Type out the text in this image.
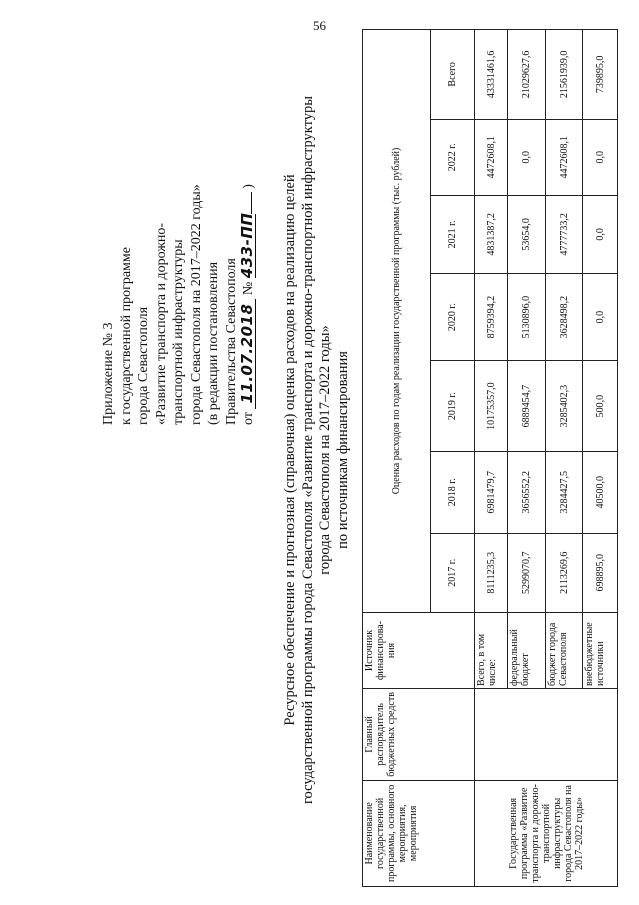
56
Приложение № 3 к государственной программе города Севастополя «Развитие транспорта и дорожно- транспортной инфраструктуры города Севастополя на 2017–2022 годы» (в редакции постановления Правительства Севастополя от 11.07.2018 № 433-ПП ) Ресурсное обеспечение и прогнозная (справочная) оценка расходов на реализацию целей государственной программы города Севастополя «Развитие транспорта и дорожно-транспортной инфраструктуры города Севастополя на 2017–2022 годы» по источникам финансирования
Наименование государственной программы, основного мероприятия, мероприятия	Главный распорядитель бюджетных средств	Источник финансирова-ния	Оценка расходов по годам реализации государственной программы (тыс. рублей)						
			2017 г.	2018 г.	2019 г.	2020 г.	2021 г.	2022 г.	Всего
Государственная программа «Развитие транспорта и дорожно-транспортной инфраструктуры города Севастополя на 2017–2022 годы»		Всего, в том числе:	8111235,3	6981479,7	10175357,0	8759394,2	4831387,2	4472608,1	43331461,6
		федеральный бюджет	5299070,7	3656552,2	6889454,7	5130896,0	53654,0	0,0	21029627,6
		бюджет города Севастополя	2113269,6	3284427,5	3285402,3	3628498,2	4777733,2	4472608,1	21561939,0
		внебюджетные источники	698895,0	40500,0	500,0	0,0	0,0	0,0	739895,0
